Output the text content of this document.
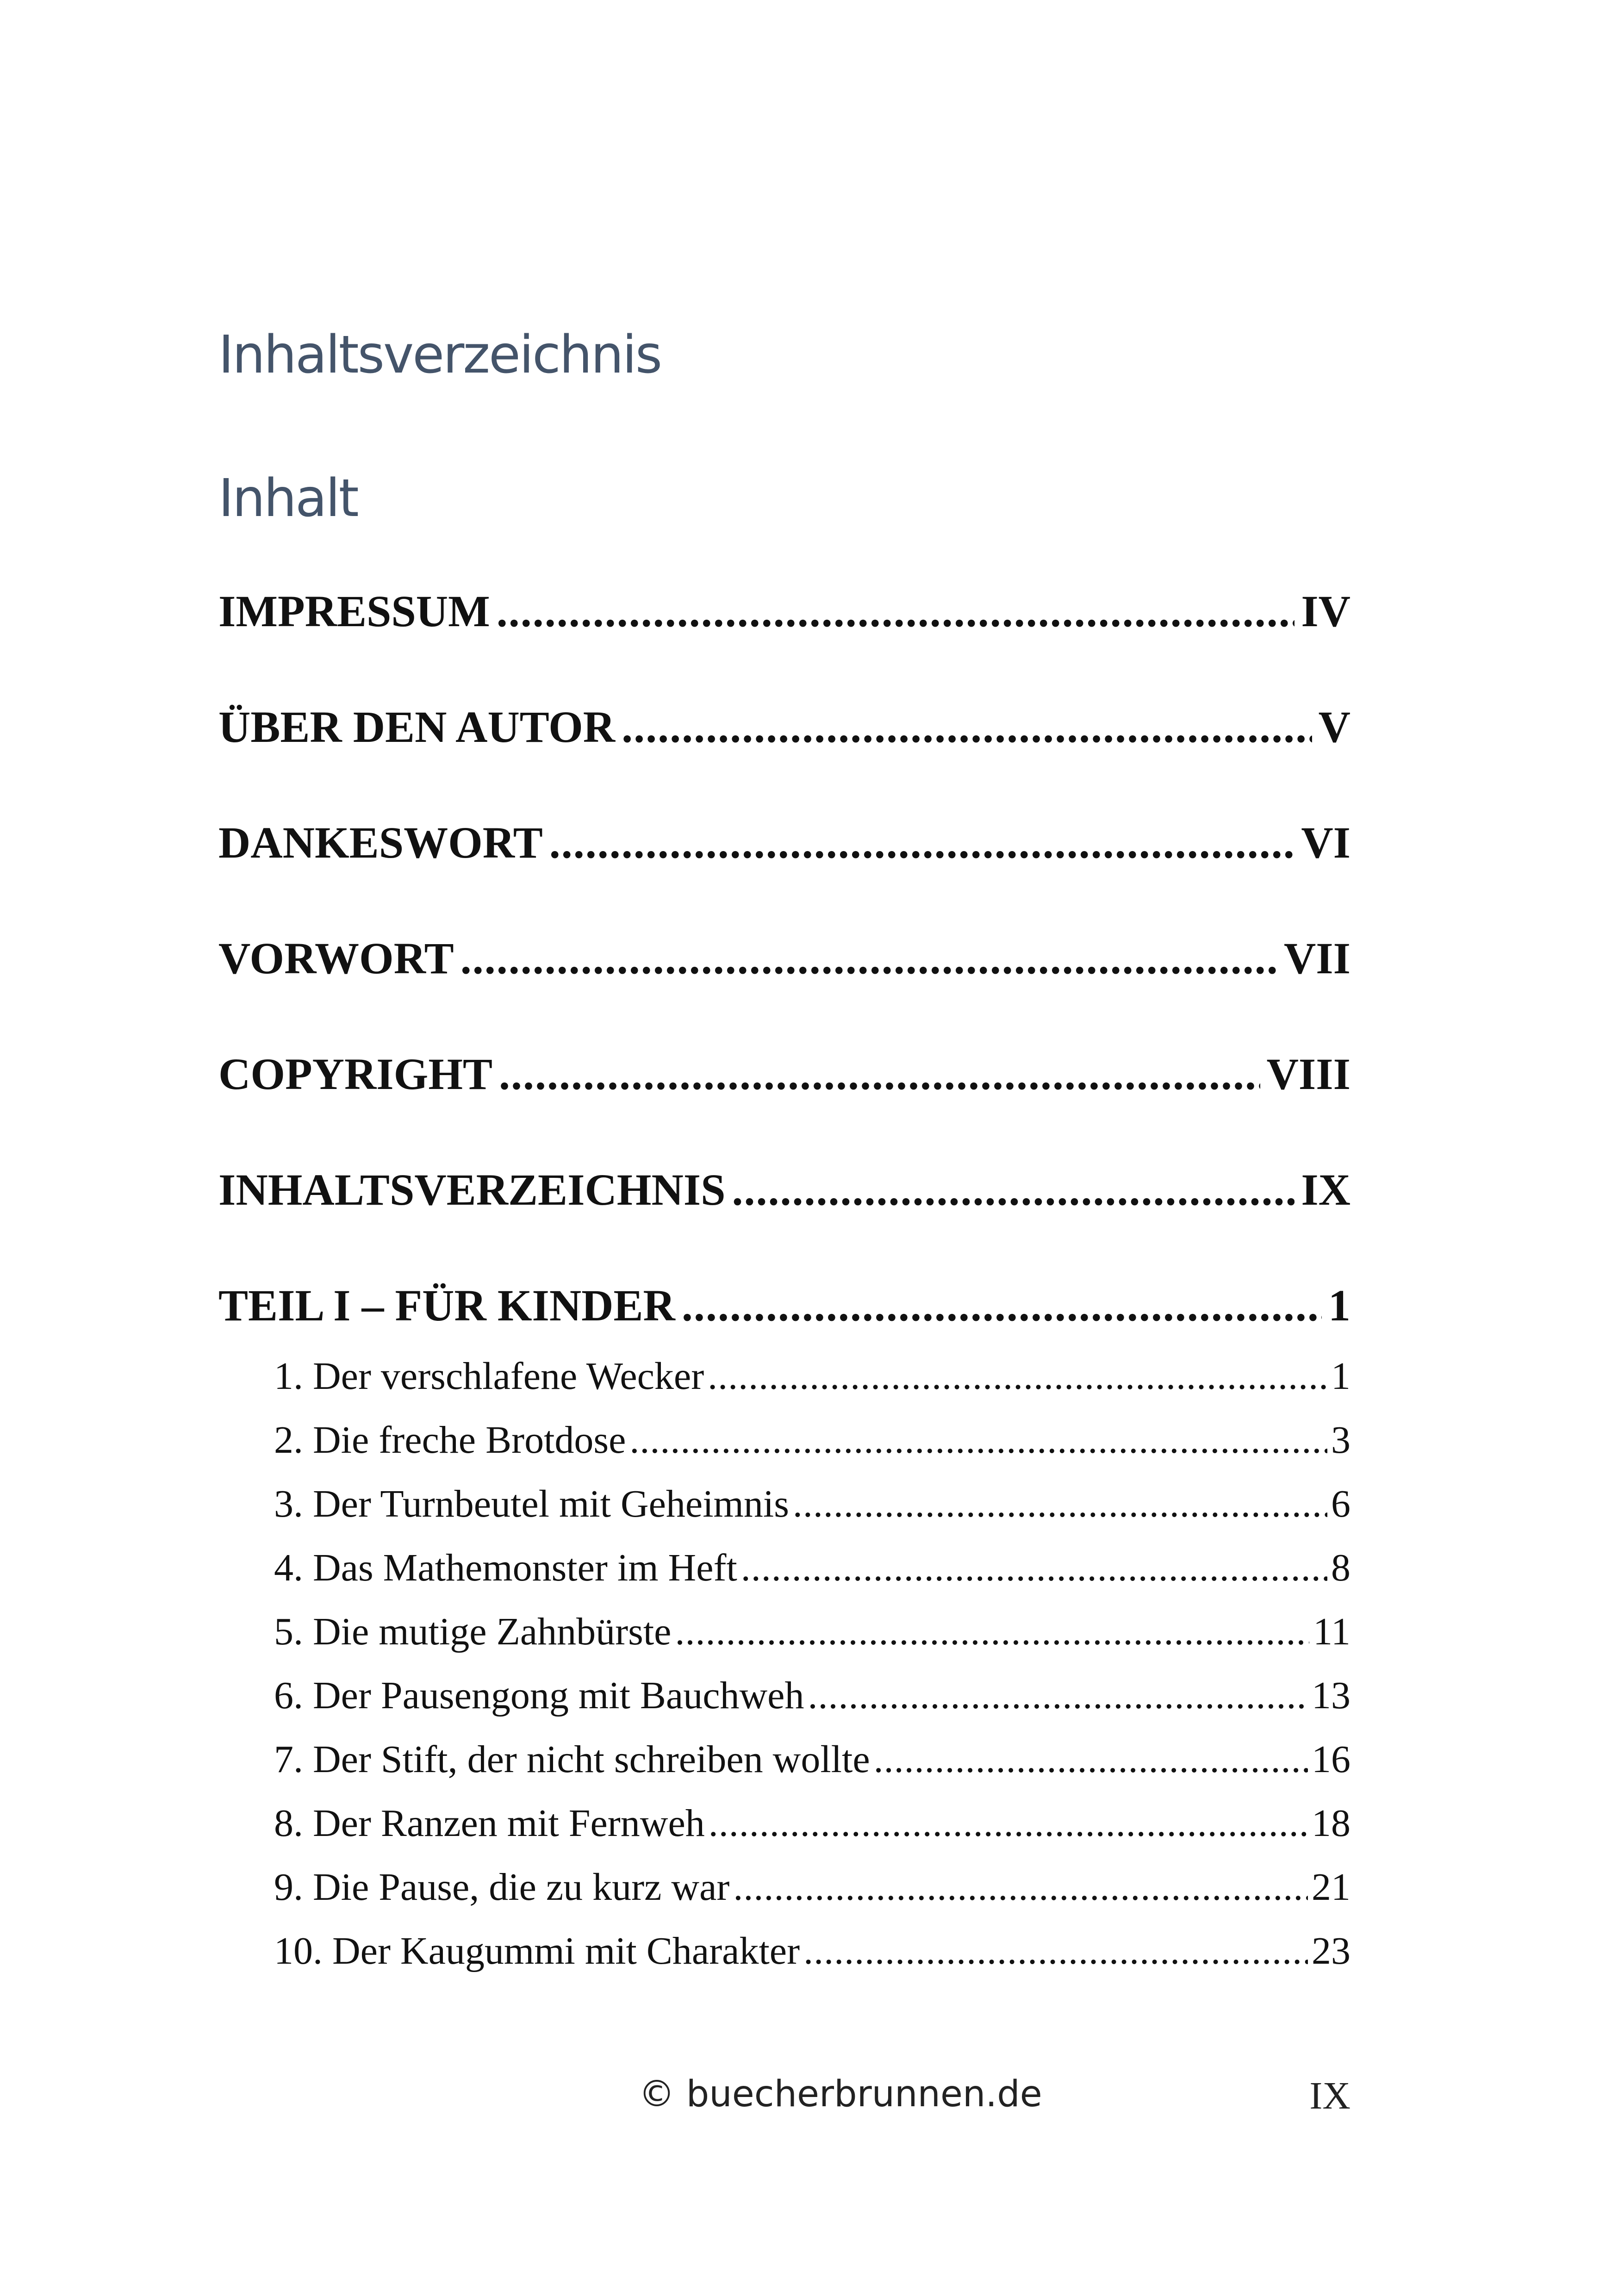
Inhaltsverzeichnis
Inhalt
IMPRESSUM .....	IV
ÜBER DEN AUTOR .....	V
DANKESWORT .....	VI
VORWORT .....	VII
COPYRIGHT .....	VIII
INHALTSVERZEICHNIS .....	IX
TEIL I – FÜR KINDER .....	1
1. Der verschlafene Wecker .....	1
2. Die freche Brotdose .....	3
3. Der Turnbeutel mit Geheimnis .....	6
4. Das Mathemonster im Heft .....	8
5. Die mutige Zahnbürste .....	11
6. Der Pausengong mit Bauchweh .....	13
7. Der Stift, der nicht schreiben wollte .....	16
8. Der Ranzen mit Fernweh .....	18
9. Die Pause, die zu kurz war .....	21
10. Der Kaugummi mit Charakter .....	23
© buecherbrunnen.de	IX
